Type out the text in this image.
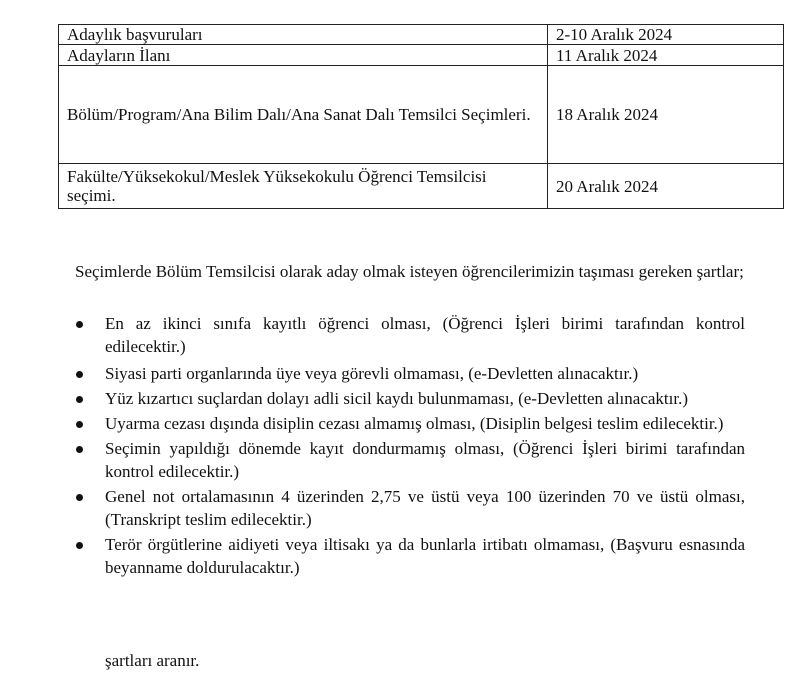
Adaylık başvuruları	2-10 Aralık 2024
Adayların İlanı	11 Aralık 2024
Bölüm/Program/Ana Bilim Dalı/Ana Sanat Dalı Temsilci Seçimleri.	18 Aralık 2024
Fakülte/Yüksekokul/Meslek Yüksekokulu Öğrenci Temsilcisi seçimi.	20 Aralık 2024

Seçimlerde Bölüm Temsilcisi olarak aday olmak isteyen öğrencilerimizin taşıması gereken şartlar;

En az ikinci sınıfa kayıtlı öğrenci olması, (Öğrenci İşleri birimi tarafından kontrol edilecektir.)
Siyasi parti organlarında üye veya görevli olmaması, (e-Devletten alınacaktır.)
Yüz kızartıcı suçlardan dolayı adli sicil kaydı bulunmaması, (e-Devletten alınacaktır.)
Uyarma cezası dışında disiplin cezası almamış olması, (Disiplin belgesi teslim edilecektir.)
Seçimin yapıldığı dönemde kayıt dondurmamış olması, (Öğrenci İşleri birimi tarafından kontrol edilecektir.)
Genel not ortalamasının 4 üzerinden 2,75 ve üstü veya 100 üzerinden 70 ve üstü olması, (Transkript teslim edilecektir.)
Terör örgütlerine aidiyeti veya iltisakı ya da bunlarla irtibatı olmaması, (Başvuru esnasında beyanname doldurulacaktır.)
şartları aranır.
